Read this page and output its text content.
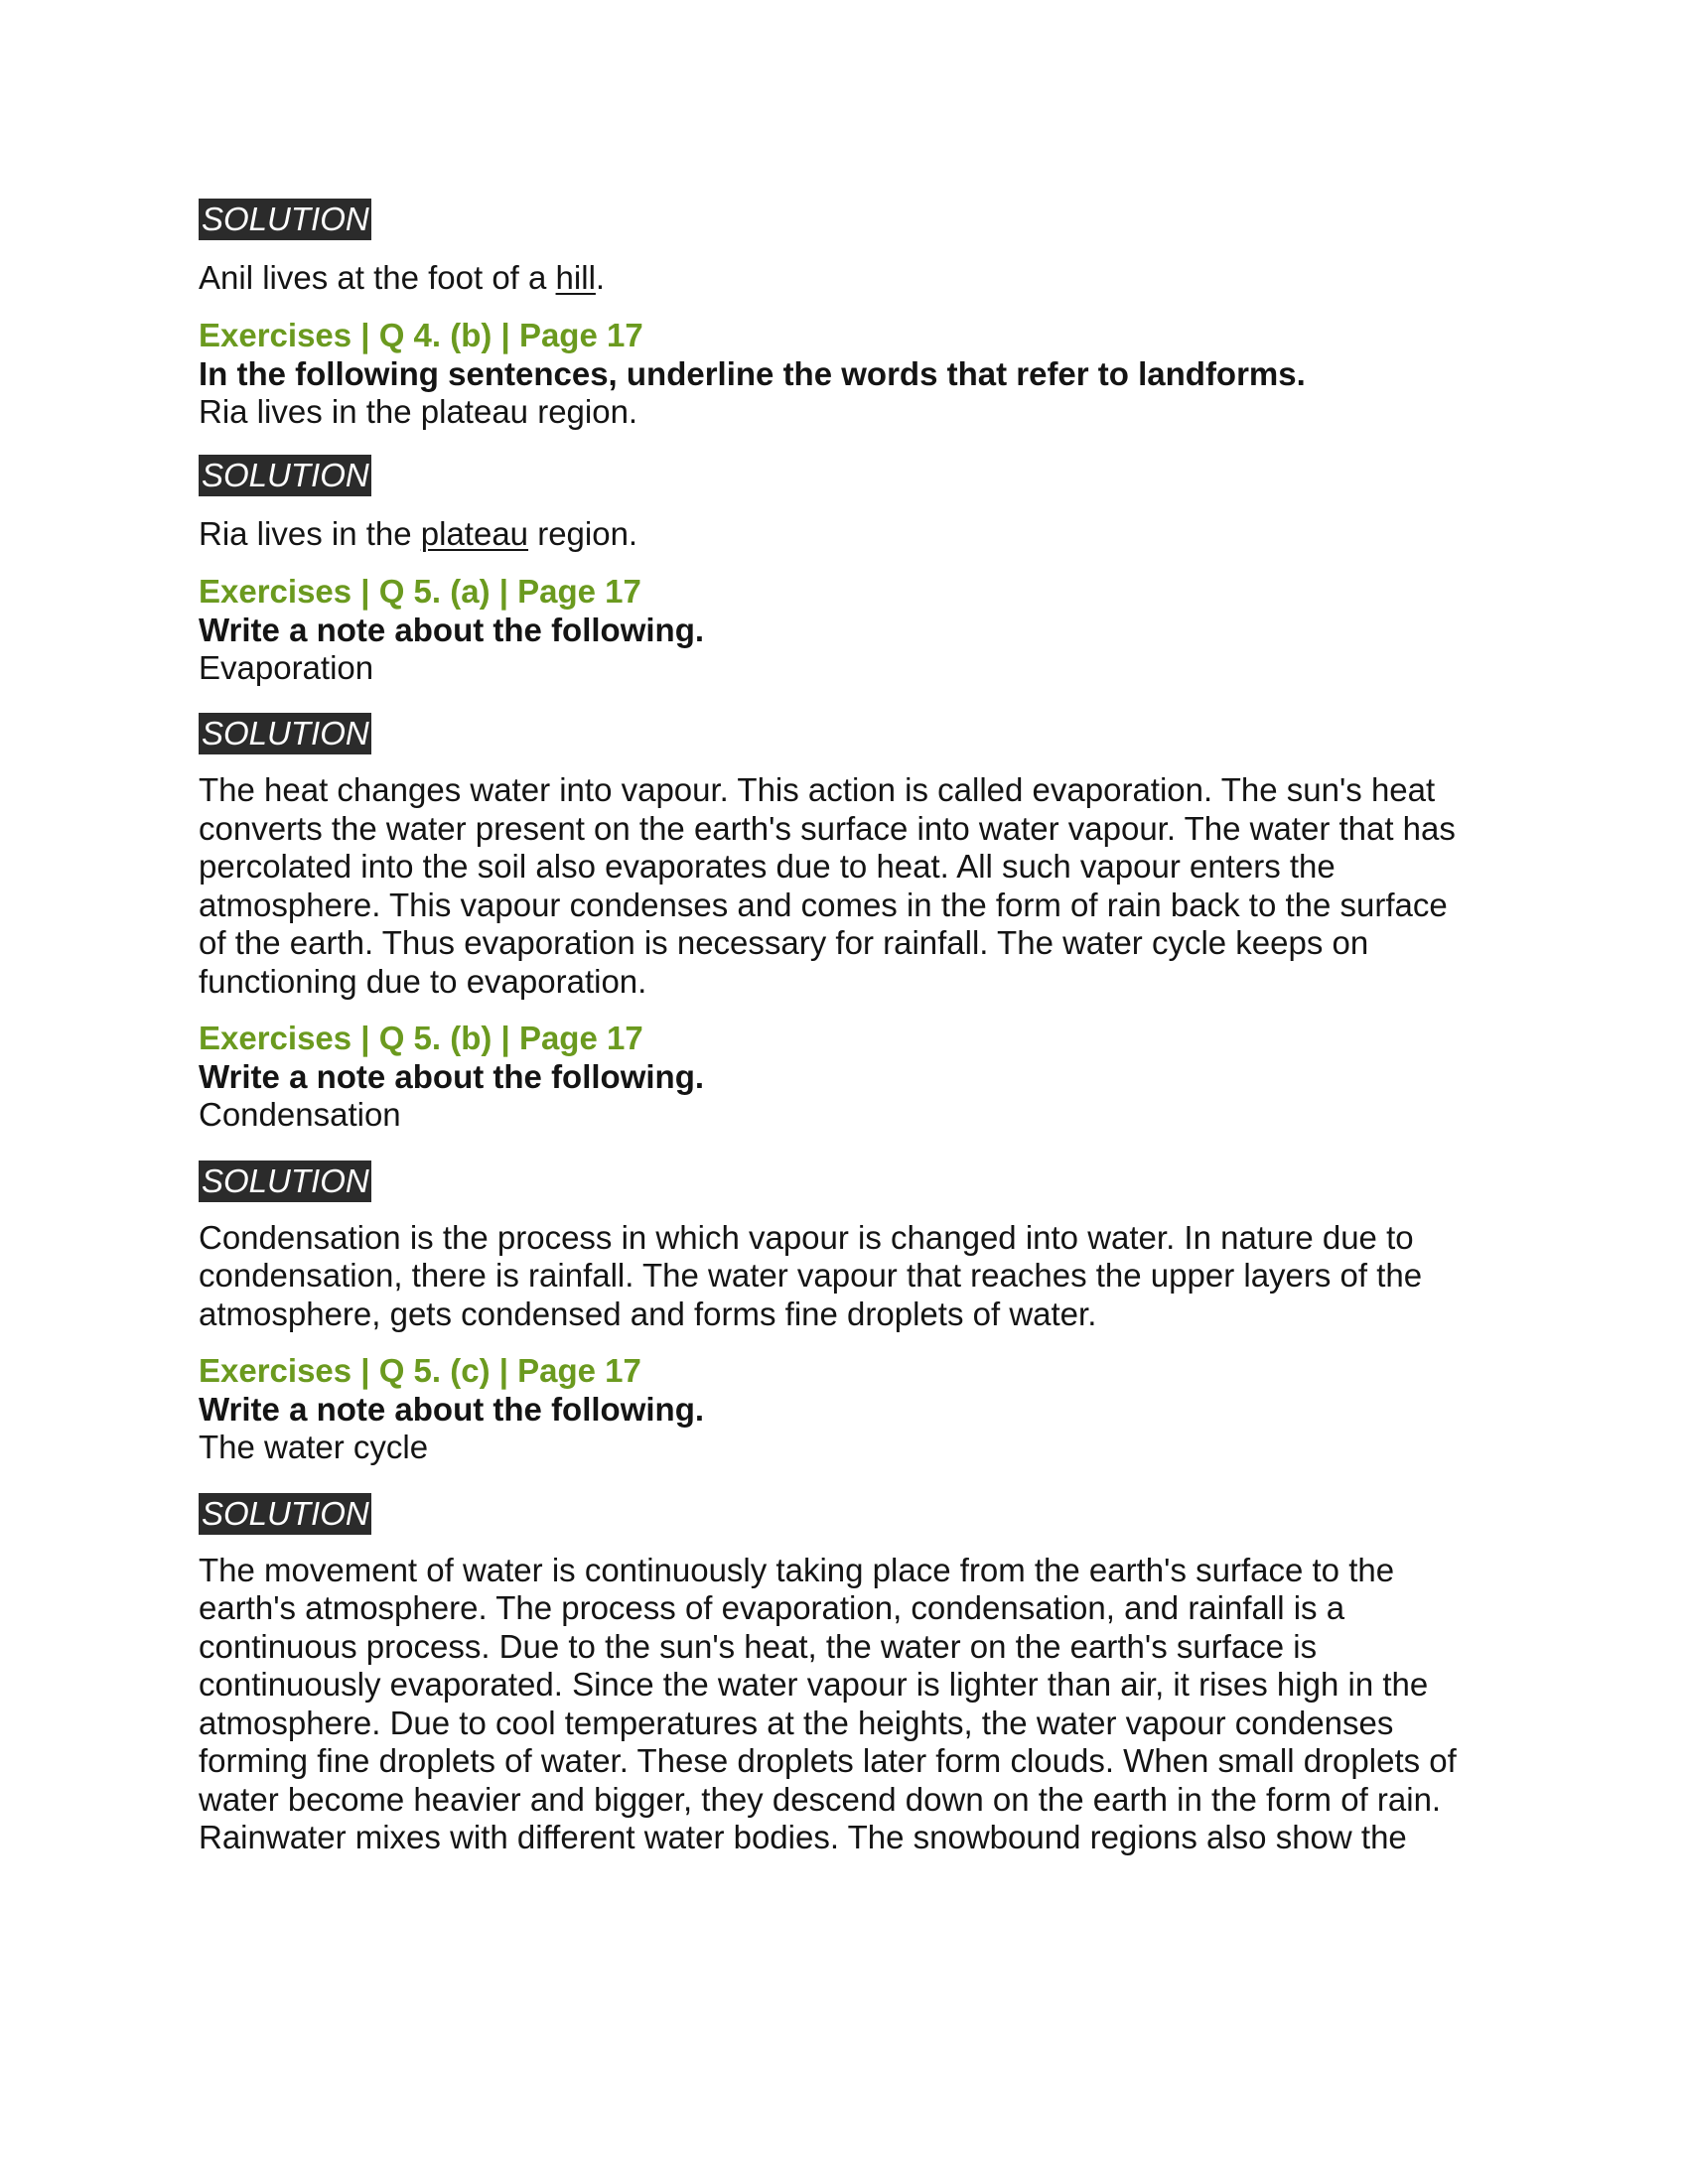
SOLUTION

Anil lives at the foot of a hill.

Exercises | Q 4. (b) | Page 17

In the following sentences, underline the words that refer to landforms.

Ria lives in the plateau region.

SOLUTION

Ria lives in the plateau region.

Exercises | Q 5. (a) | Page 17

Write a note about the following.

Evaporation

SOLUTION
The heat changes water into vapour. This action is called evaporation. The sun's heat
converts the water present on the earth's surface into water vapour. The water that has
percolated into the soil also evaporates due to heat. All such vapour enters the
atmosphere. This vapour condenses and comes in the form of rain back to the surface
of the earth. Thus evaporation is necessary for rainfall. The water cycle keeps on
functioning due to evaporation.

Exercises | Q 5. (b) | Page 17

Write a note about the following.

Condensation

SOLUTION
Condensation is the process in which vapour is changed into water. In nature due to
condensation, there is rainfall. The water vapour that reaches the upper layers of the
atmosphere, gets condensed and forms fine droplets of water.

Exercises | Q 5. (c) | Page 17

Write a note about the following.

The water cycle

SOLUTION
The movement of water is continuously taking place from the earth's surface to the
earth's atmosphere. The process of evaporation, condensation, and rainfall is a
continuous process. Due to the sun's heat, the water on the earth's surface is
continuously evaporated. Since the water vapour is lighter than air, it rises high in the
atmosphere. Due to cool temperatures at the heights, the water vapour condenses
forming fine droplets of water. These droplets later form clouds. When small droplets of
water become heavier and bigger, they descend down on the earth in the form of rain.
Rainwater mixes with different water bodies. The snowbound regions also show the
